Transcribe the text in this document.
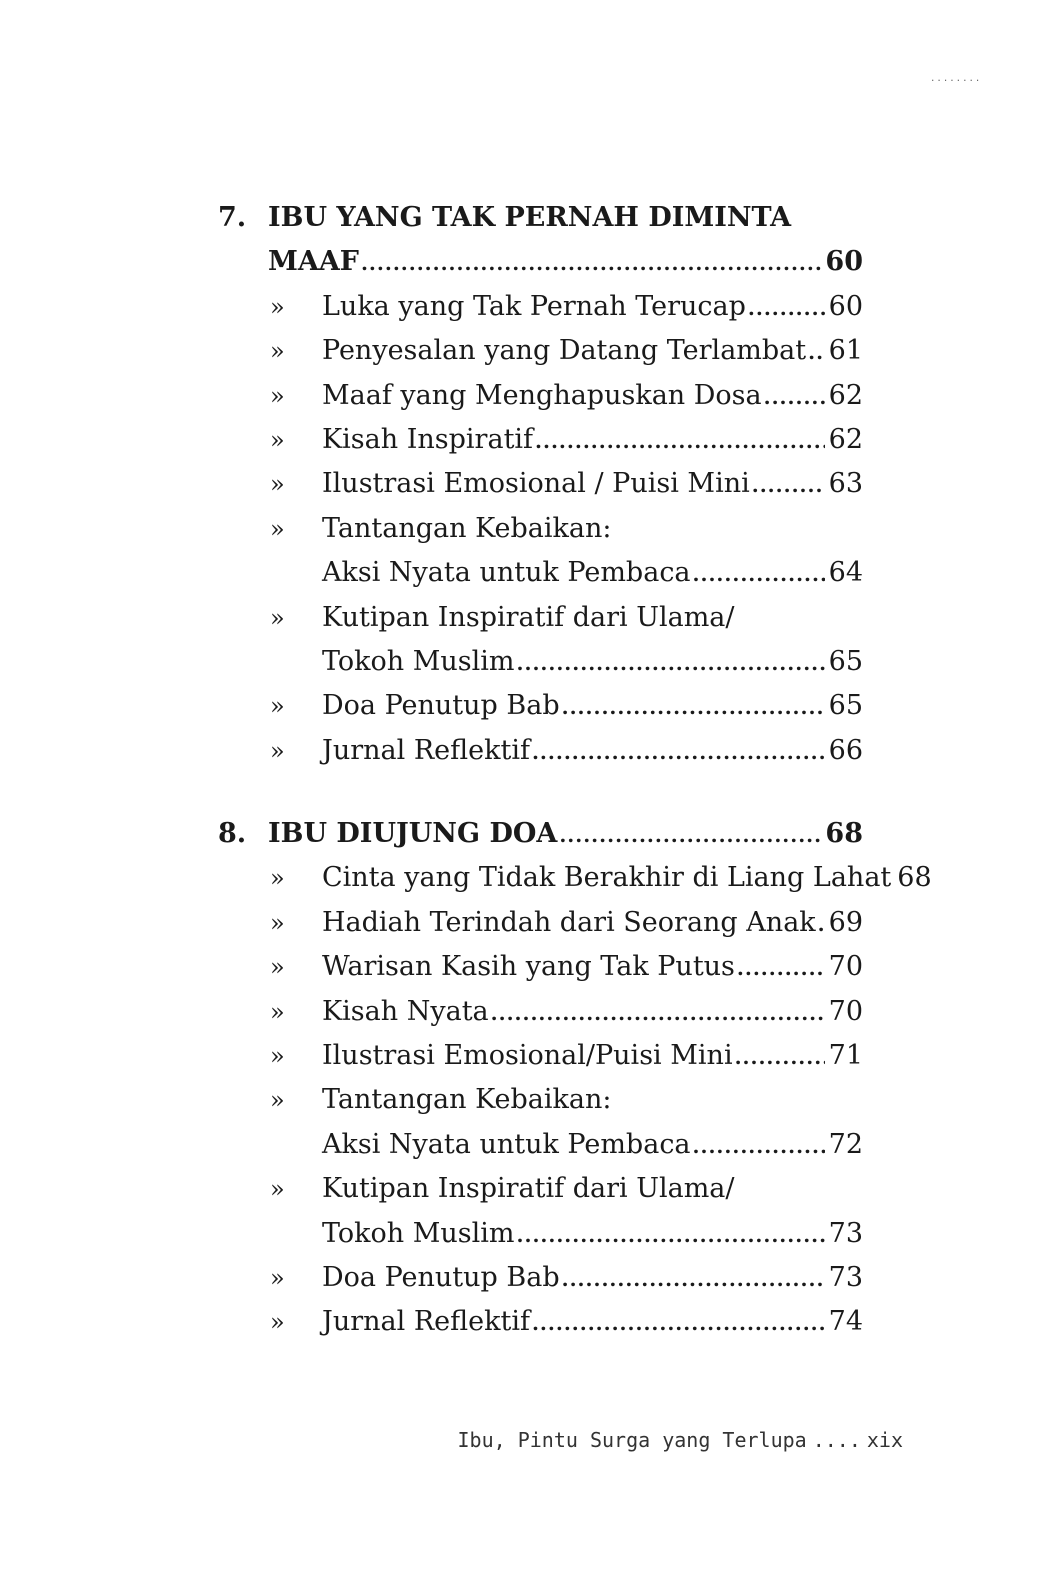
........
7. IBU YANG TAK PERNAH DIMINTA
MAAF .....	60
» Luka yang Tak Pernah Terucap .....	60
» Penyesalan yang Datang Terlambat ..... 61
» Maaf yang Menghapuskan Dosa ..... 62
» Kisah Inspiratif .....	62
» Ilustrasi Emosional / Puisi Mini .....	63
» Tantangan Kebaikan:
Aksi Nyata untuk Pembaca .....	64
» Kutipan Inspiratif dari Ulama/
Tokoh Muslim .....	65
» Doa Penutup Bab .....	65
» Jurnal Reflektif .....	66
8. IBU DIUJUNG DOA .....	68
» Cinta yang Tidak Berakhir di Liang Lahat 68
» Hadiah Terindah dari Seorang Anak ..... 69
» Warisan Kasih yang Tak Putus .....	70
» Kisah Nyata .....	70
» Ilustrasi Emosional/Puisi Mini .....	71
» Tantangan Kebaikan:
Aksi Nyata untuk Pembaca .....	72
» Kutipan Inspiratif dari Ulama/
Tokoh Muslim .....	73
» Doa Penutup Bab .....	73
» Jurnal Reflektif .....	74
Ibu, Pintu Surga yang Terlupa .... xix
